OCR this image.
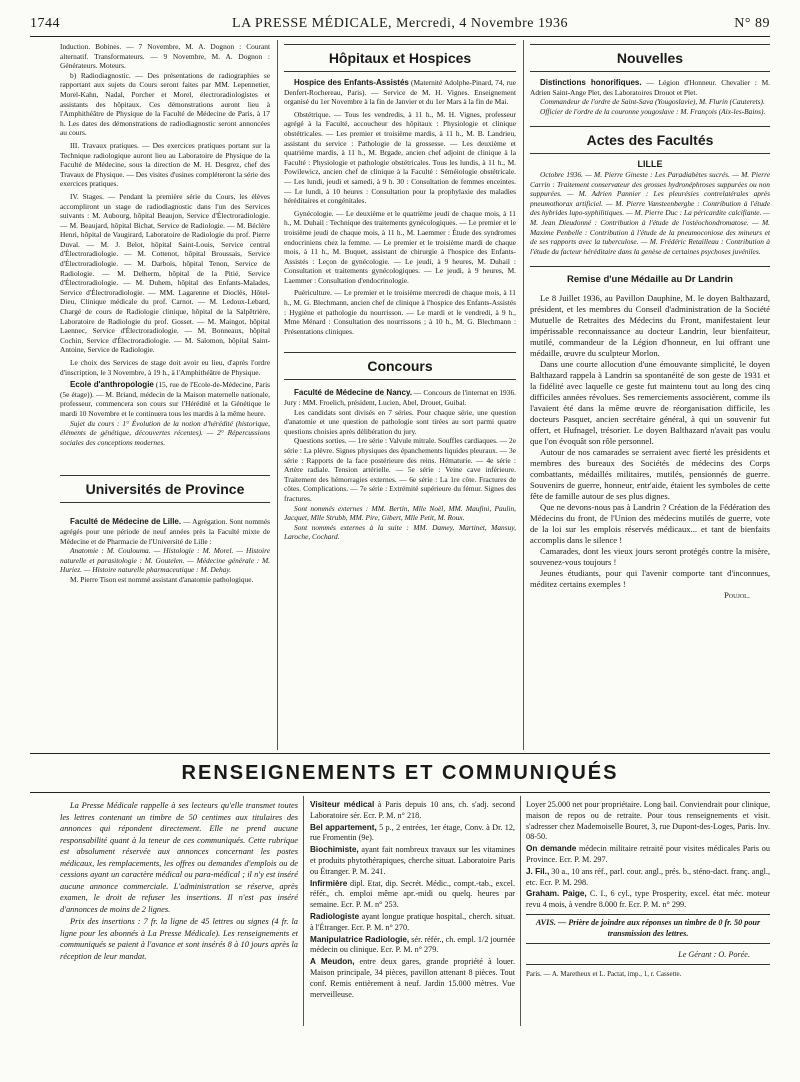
1744	LA PRESSE MÉDICALE, Mercredi, 4 Novembre 1936	N° 89

Induction. Bobines. — 7 Novembre, M. A. Dognon : Courant alternatif. Transformateurs. — 9 Novembre, M. A. Dognon : Générateurs. Moteurs.

b) Radiodiagnostic. — Des présentations de radiographies se rapportant aux sujets du Cours seront faites par MM. Lepennetier, Morel-Kahn, Nadal, Porcher et Morel, électroradiologistes et assistants des hôpitaux. Ces démonstrations auront lieu à l'Amphithéâtre de Physique de la Faculté de Médecine de Paris, à 17 h. Les dates des démonstrations de radiodiagnostic seront annoncées au cours.

III. Travaux pratiques. — Des exercices pratiques portant sur la Technique radiologique auront lieu au Laboratoire de Physique de la Faculté de Médecine, sous la direction de M. H. Desgrez, chef des Travaux de Physique. — Des visites d'usines compléteront la série des exercices pratiques.

IV. Stages. — Pendant la première série du Cours, les élèves accompliront un stage de radiodiagnostic dans l'un des Services suivants : M. Aubourg, hôpital Beaujon, Service d'Électroradiologie. — M. Beaujard, hôpital Bichat, Service de Radiologie. — M. Béclère Henri, hôpital de Vaugirard, Laboratoire de Radiologie du prof. Pierre Duval. — M. J. Belot, hôpital Saint-Louis, Service central d'Électroradiologie. — M. Cottenot, hôpital Broussais, Service d'Électroradiologie. — M. Darbois, hôpital Tenon, Service de Radiologie. — M. Delherm, hôpital de la Pitié, Service d'Électroradiologie. — M. Duhem, hôpital des Enfants-Malades, Service d'Électroradiologie. — MM. Lagarenne et Dioclès, Hôtel-Dieu, Clinique médicale du prof. Carnot. — M. Ledoux-Lebard, Chargé de cours de Radiologie clinique, hôpital de la Salpêtrière, Laboratoire de Radiologie du prof. Gosset. — M. Maingot, hôpital Laennec, Service d'Électroradiologie. — M. Bonneaux, hôpital Cochin, Service d'Électroradiologie. — M. Salomon, hôpital Saint-Antoine, Service de Radiologie.

Le choix des Services de stage doit avoir eu lieu, d'après l'ordre d'inscription, le 3 Novembre, à 19 h., à l'Amphithéâtre de Physique.

Ecole d'anthropologie (15, rue de l'Ecole-de-Médecine, Paris (5e étage)). — M. Briand, médecin de la Maison maternelle nationale, professeur, commencera son cours sur l'Hérédité et la Génétique le mardi 10 Novembre et le continuera tous les mardis à la même heure.

Sujet du cours : 1° Évolution de la notion d'hérédité (historique, éléments de génétique, découvertes récentes). — 2° Répercussions sociales des conceptions modernes.

Universités de Province

Faculté de Médecine de Lille. — Agrégation. Sont nommés agrégés pour une période de neuf années près la Faculté mixte de Médecine et de Pharmacie de l'Université de Lille :

Anatomie : M. Coulouma. — Histologie : M. Morel. — Histoire naturelle et parasitologie : M. Goutelen. — Médecine générale : M. Huriez. — Histoire naturelle pharmaceutique : M. Dehay.

M. Pierre Tison est nommé assistant d'anatomie pathologique.

Hôpitaux et Hospices

Hospice des Enfants-Assistés (Maternité Adolphe-Pinard, 74, rue Denfert-Rochereau, Paris). — Service de M. H. Vignes. Enseignement organisé du 1er Novembre à la fin de Janvier et du 1er Mars à la fin de Mai.

Obstétrique. — Tous les vendredis, à 11 h., M. H. Vignes, professeur agrégé à la Faculté, accoucheur des hôpitaux : Physiologie et clinique obstétricales. — Les premier et troisième mardis, à 11 h., M. B. Landrieu, assistant du service : Pathologie de la grossesse. — Les deuxième et quatrième mardis, à 11 h., M. Brgade, ancien chef adjoint de clinique à la Faculté : Physiologie et pathologie obstétricales. Tous les lundis, à 11 h., M. Powilewicz, ancien chef de clinique à la Faculté : Séméiologie obstétricale. — Les lundi, jeudi et samedi, à 9 h. 30 : Consultation de femmes enceintes. — Le lundi, à 10 heures : Consultation pour la prophylaxie des maladies héréditaires et congénitales.

Gynécologie. — Le deuxième et le quatrième jeudi de chaque mois, à 11 h., M. Duhail : Technique des traitements gynécologiques. — Le premier et le troisième jeudi de chaque mois, à 11 h., M. Laemmer : Étude des syndromes endocriniens chez la femme. — Le premier et le troisième mardi de chaque mois, à 11 h., M. Buquet, assistant de chirurgie à l'hospice des Enfants-Assistés : Leçon de gynécologie. — Le jeudi, à 9 heures, M. Duhail : Consultation et traitements gynécologiques. — Le jeudi, à 9 heures, M. Laemmer : Consultation d'endocrinologie.

Puériculture. — Le premier et le troisième mercredi de chaque mois, à 11 h., M. G. Blechmann, ancien chef de clinique à l'hospice des Enfants-Assistés : Hygiène et pathologie du nourrisson. — Le mardi et le vendredi, à 9 h., Mme Ménard : Consultation des nourrissons ; à 10 h., M. G. Blechmann : Présentations cliniques.

Concours

Faculté de Médecine de Nancy. — Concours de l'internat en 1936. Jury : MM. Froelich, président, Lucien, Abel, Drouet, Guibal.

Les candidats sont divisés en 7 séries. Pour chaque série, une question d'anatomie et une question de pathologie sont tirées au sort parmi quatre questions choisies après délibération du jury.

Questions sorties. — 1re série : Valvule mitrale. Souffles cardiaques. — 2e série : La plèvre. Signes physiques des épanchements liquides pleuraux. — 3e série : Rapports de la face postérieure des reins. Hématurie. — 4e série : Artère radiale. Tension artérielle. — 5e série : Veine cave inférieure. Traitement des hémorragies externes. — 6e série : La 1re côte. Fractures de côtes. Complications. — 7e série : Extrémité supérieure du fémur. Signes des fractures.

Sont nommés externes : MM. Bertin, Mlle Noël, MM. Maufini, Paulin, Jacquet, Mlle Strubb, MM. Pire, Gibert, Mlle Petit, M. Roux.

Sont nommés externes à la suite : MM. Damey, Martinet, Mansuy, Laroche, Cochard.

Nouvelles

Distinctions honorifiques. — Légion d'Honneur. Chevalier : M. Adrien Saint-Ange Plet, des Laboratoires Drouot et Plet.

Commandeur de l'ordre de Saint-Sava (Yougoslavie), M. Flurin (Cauterets).

Officier de l'ordre de la couronne yougoslave : M. François (Aix-les-Bains).

Actes des Facultés

LILLE

Octobre 1936. — M. Pierre Gineste : Les Paradiabètes sucrés. — M. Pierre Carrin : Traitement conservateur des grosses hydronéphroses suppurées ou non suppurées. — M. Adrien Pannier : Les pleurésies contrelatérales après pneumothorax artificiel. — M. Pierre Vansteenberghe : Contribution à l'étude des hybrides lupo-syphilitiques. — M. Pierre Duc : La péricardite calcifiante. — M. Jean Dieudonné : Contribution à l'étude de l'ostéochondromatose. — M. Maxime Penbelle : Contribution à l'étude de la pneumoconiose des mineurs et de ses rapports avec la tuberculose. — M. Frédéric Retailleau : Contribution à l'étude du facteur héréditaire dans la genèse de certaines psychoses juvéniles.

Remise d'une Médaille au Dr Landrin

Le 8 Juillet 1936, au Pavillon Dauphine, M. le doyen Balthazard, président, et les membres du Conseil d'administration de la Société Mutuelle de Retraites des Médecins du Front, manifestaient leur impérissable reconnaissance au docteur Landrin, leur bienfaiteur, mutilé, commandeur de la Légion d'honneur, en lui offrant une médaille, œuvre du sculpteur Morlon.

Dans une courte allocution d'une émouvante simplicité, le doyen Balthazard rappela à Landrin sa spontanéité de son geste de 1931 et la fidélité avec laquelle ce geste fut maintenu tout au long des cinq difficiles années révolues. Ses remerciements associèrent, comme ils l'avaient été dans la même œuvre de réorganisation difficile, les docteurs Pasquet, ancien secrétaire général, à qui un souvenir fut offert, et Hufnagel, trésorier. Le doyen Balthazard n'avait pas voulu que l'on évoquât son rôle personnel.

Autour de nos camarades se serraient avec fierté les présidents et membres des bureaux des Sociétés de médecins des Corps combattants, médaillés militaires, mutilés, pensionnés de guerre. Souvenirs de guerre, honneur, entr'aide, étaient les symboles de cette fête de famille autour de ses plus dignes.

Que ne devons-nous pas à Landrin ? Création de la Fédération des Médecins du front, de l'Union des médecins mutilés de guerre, vote de la loi sur les emplois réservés médicaux... et tant de bienfaits accomplis dans le silence !

Camarades, dont les vieux jours seront protégés contre la misère, souvenez-vous toujours !

Jeunes étudiants, pour qui l'avenir comporte tant d'inconnues, méditez certains exemples !

Poujol.

RENSEIGNEMENTS ET COMMUNIQUÉS

La Presse Médicale rappelle à ses lecteurs qu'elle transmet toutes les lettres contenant un timbre de 50 centimes aux titulaires des annonces qui répondent directement. Elle ne prend aucune responsabilité quant à la teneur de ces communiqués. Cette rubrique est absolument réservée aux annonces concernant les postes médicaux, les remplacements, les offres ou demandes d'emplois ou de cessions ayant un caractère médical ou para-médical ; il n'y est inséré aucune annonce commerciale. L'administration se réserve, après examen, le droit de refuser les insertions. Il n'est pas inséré d'annonces de moins de 2 lignes.

Prix des insertions : 7 fr. la ligne de 45 lettres ou signes (4 fr. la ligne pour les abonnés à La Presse Médicale). Les renseignements et communiqués se paient à l'avance et sont insérés 8 à 10 jours après la réception de leur mandat.

Visiteur médical à Paris depuis 10 ans, ch. s'adj. second Laboratoire sér. Ecr. P. M. n° 218.

Bel appartement, 5 p., 2 entrées, 1er étage, Conv. à Dr. 12, rue Fromentin (9e).

Biochimiste, ayant fait nombreux travaux sur les vitamines et produits phytothérapiques, cherche situat. Laboratoire Paris ou Étranger. P. M. 241.

Infirmière dipl. Etat, dip. Secrét. Médic., compt.-tab., excel. référ., ch. emploi même apr.-midi ou quelq. heures par semaine. Ecr. P. M. n° 253.

Radiologiste ayant longue pratique hospital., cherch. situat. à l'Étranger. Ecr. P. M. n° 270.

Manipulatrice Radiologie, sér. référ., ch. empl. 1/2 journée médecin ou clinique. Ecr. P. M. n° 279.

A Meudon, entre deux gares, grande propriété à louer. Maison principale, 34 pièces, pavillon attenant 8 pièces. Tout conf. Remis entièrement à neuf. Jardin 15.000 mètres. Vue merveilleuse.

Loyer 25.000 net pour propriétaire. Long bail. Conviendrait pour clinique, maison de repos ou de retraite. Pour tous renseignements et visit. s'adresser chez Mademoiselle Bouret, 3, rue Dupont-des-Loges, Paris. Inv. 08-50.

On demande médecin militaire retraité pour visites médicales Paris ou Province. Ecr. P. M. 297.

J. Fil., 30 a., 10 ans réf., parl. cour. angl., prés. b., sténo-dact. franç. angl., etc. Ecr. P. M. 298.

Graham. Paige, C. I., 6 cyl., type Prosperity, excel. état méc. moteur revu 4 mois, à vendre 8.000 fr. Ecr. P. M. n° 299.

AVIS. — Prière de joindre aux réponses un timbre de 0 fr. 50 pour transmission des lettres.

Le Gérant : O. Porée.

Paris. — A. Maretheux et L. Pactat, imp., 1, r. Cassette.
